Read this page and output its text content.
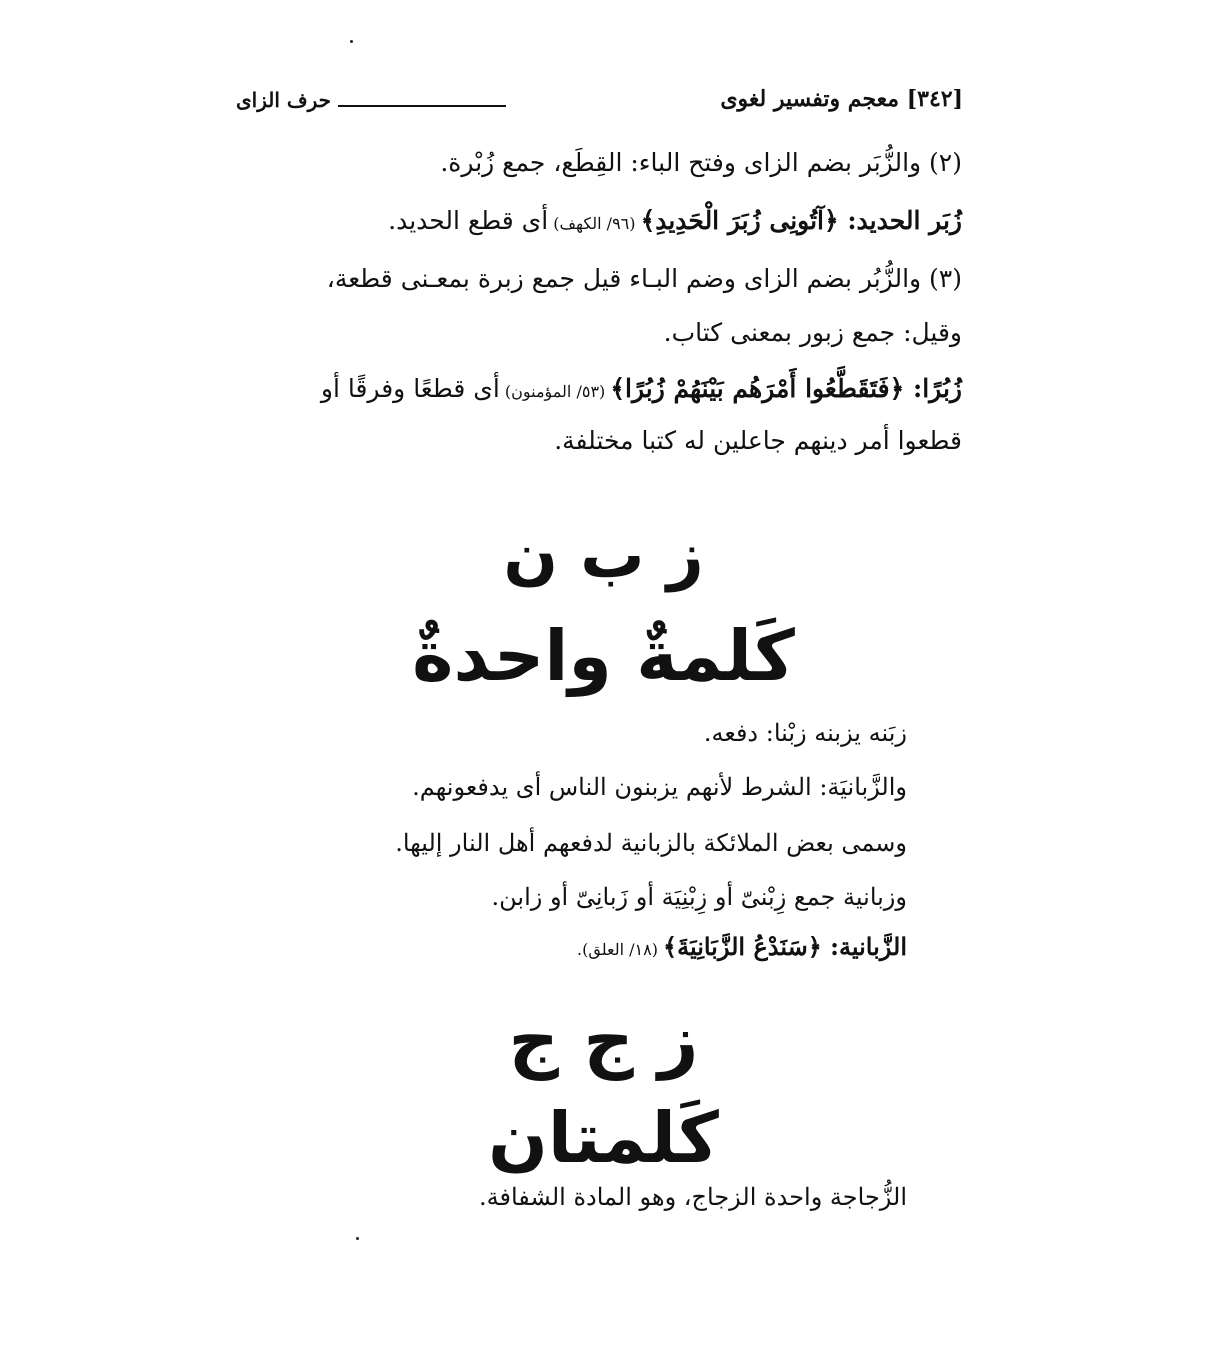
[٣٤٢] معجم وتفسير لغوى
حرف الزاى
(٢) والزُّبَر بضم الزاى وفتح الباء: القِطَع، جمع زُبْرة.
زُبَر الحديد: ﴿آتُونِى زُبَرَ الْحَدِيدِ﴾ (٩٦/ الكهف) أى قطع الحديد.
(٣) والزُّبُر بضم الزاى وضم البـاء قيل جمع زبرة بمعـنى قطعة،
وقيل: جمع زبور بمعنى كتاب.
زُبُرًا: ﴿فَتَقَطَّعُوا أَمْرَهُم بَيْنَهُمْ زُبُرًا﴾ (٥٣/ المؤمنون) أى قطعًا وفرقًا أو
قطعوا أمر دينهم جاعلين له كتبا مختلفة.
ز ب ن
كَلمةٌ واحدةٌ
زبَنه يزبنه زبْنا: دفعه.
والزَّبانيَة: الشرط لأنهم يزبنون الناس أى يدفعونهم.
وسمى بعض الملائكة بالزبانية لدفعهم أهل النار إليها.
وزبانية جمع زِبْنىّ أو زِبْنِيَة أو زَبانِىّ أو زابن.
الزَّبانية: ﴿سَنَدْعُ الزَّبَانِيَةَ﴾ (١٨/ العلق).
ز ج ج
كَلمتان
الزُّجاجة واحدة الزجاج، وهو المادة الشفافة.
